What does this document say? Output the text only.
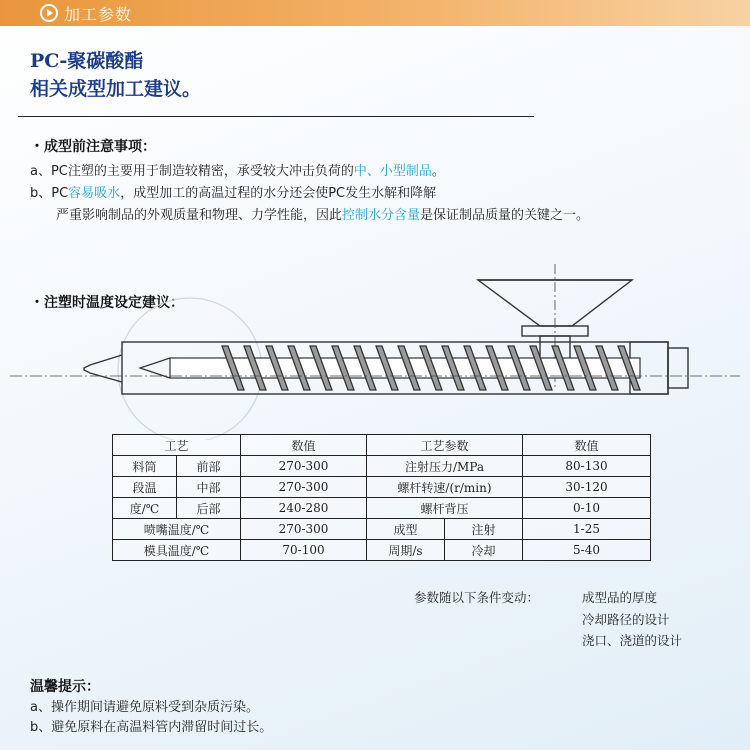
加工参数
PC-聚碳酸酯
相关成型加工建议。
・成型前注意事项：
a、PC注塑的主要用于制造较精密，承受较大冲击负荷的中、小型制品。
b、PC容易吸水，成型加工的高温过程的水分还会使PC发生水解和降解
严重影响制品的外观质量和物理、力学性能，因此控制水分含量是保证制品质量的关键之一。
・注塑时温度设定建议：
工艺		数值	工艺参数		数值
料筒	前部	270-300	注射压力/MPa		80-130
段温	中部	270-300	螺杆转速/(r/min)		30-120
度/℃	后部	240-280	螺杆背压		0-10
喷嘴温度/℃		270-300	成型	注射	1-25
模具温度/℃		70-100	周期/s	冷却	5-40
参数随以下条件变动：	成型品的厚度
冷却路径的设计
浇口、浇道的设计
温馨提示：
a、操作期间请避免原料受到杂质污染。
b、避免原料在高温料管内滞留时间过长。
